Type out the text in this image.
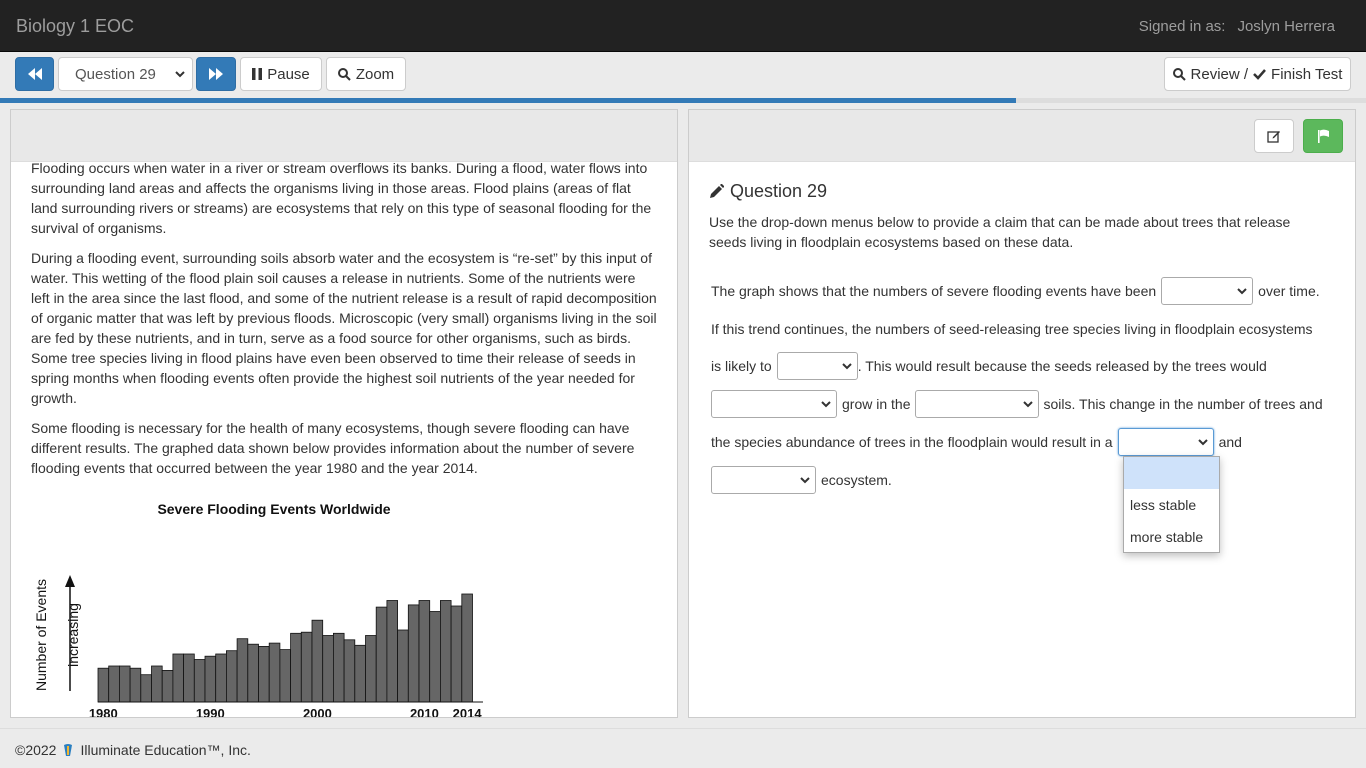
Biology 1 EOC	Signed in as: Joslyn Herrera
Question 29	Pause	Zoom	Review / Finish Test

Flooding occurs when water in a river or stream overflows its banks. During a flood, water flows into surrounding land areas and affects the organisms living in those areas. Flood plains (areas of flat land surrounding rivers or streams) are ecosystems that rely on this type of seasonal flooding for the survival of organisms.

During a flooding event, surrounding soils absorb water and the ecosystem is “re-set” by this input of water. This wetting of the flood plain soil causes a release in nutrients. Some of the nutrients were left in the area since the last flood, and some of the nutrient release is a result of rapid decomposition of organic matter that was left by previous floods. Microscopic (very small) organisms living in the soil are fed by these nutrients, and in turn, serve as a food source for other organisms, such as birds. Some tree species living in flood plains have even been observed to time their release of seeds in spring months when flooding events often provide the highest soil nutrients of the year needed for growth.

Some flooding is necessary for the health of many ecosystems, though severe flooding can have different results. The graphed data shown below provides information about the number of severe flooding events that occurred between the year 1980 and the year 2014.

Severe Flooding Events Worldwide
Number of Events increasing
1980	1990	2000	2010 2014
Question 29
Use the drop-down menus below to provide a claim that can be made about trees that release seeds living in floodplain ecosystems based on these data.
The graph shows that the numbers of severe flooding events have been	over time.
If this trend continues, the numbers of seed-releasing tree species living in floodplain ecosystems
is likely to	. This would result because the seeds released by the trees would
grow in the	soils. This change in the number of trees and
the species abundance of trees in the floodplain would result in a	and
ecosystem.
less stable
more stable
©2022 Illuminate Education™, Inc.
